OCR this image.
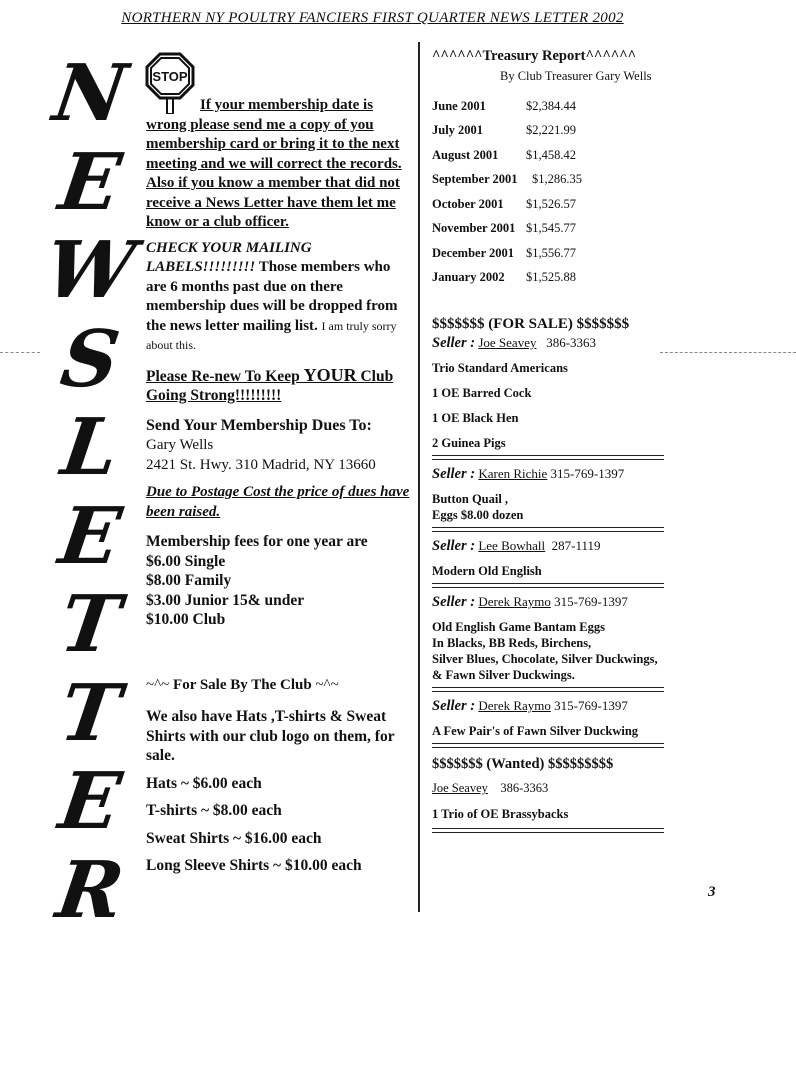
NORTHERN NY POULTRY FANCIERS FIRST QUARTER NEWS LETTER 2002
N
E
W
S
L
E
T
T
E
R
STOP

If your membership date is wrong please send me a copy of you membership card or bring it to the next meeting and we will correct the records. Also if you know a member that did not receive a News Letter have them let me know or a club officer.

CHECK YOUR MAILING LABELS!!!!!!!!! Those members who are 6 months past due on there membership dues will be dropped from the news letter mailing list. I am truly sorry about this.

Please Re-new To Keep YOUR Club Going Strong!!!!!!!!!

Send Your Membership Dues To:
Gary Wells
2421 St. Hwy. 310 Madrid, NY 13660

Due to Postage Cost the price of dues have been raised.

Membership fees for one year are
$6.00 Single
$8.00 Family
$3.00 Junior 15& under
$10.00 Club

~^~ For Sale By The Club ~^~

We also have Hats ,T-shirts & Sweat Shirts with our club logo on them, for sale.

Hats ~ $6.00 each

T-shirts ~ $8.00 each

Sweat Shirts ~ $16.00 each

Long Sleeve Shirts ~ $10.00 each

^^^^^^Treasury Report^^^^^^
By Club Treasurer Gary Wells
June 2001	$2,384.44
July 2001	$2,221.99
August 2001	$1,458.42
September 2001	$1,286.35
October 2001	$1,526.57
November 2001 $1,545.77
December 2001 $1,556.77
January 2002	$1,525.88
$$$$$$$ (FOR SALE) $$$$$$$
Seller : Joe Seavey 386-3363
Trio Standard Americans
1 OE Barred Cock
1 OE Black Hen
2 Guinea Pigs
Seller : Karen Richie 315-769-1397
Button Quail ,
Eggs $8.00 dozen
Seller : Lee Bowhall 287-1119
Modern Old English
Seller : Derek Raymo 315-769-1397
Old English Game Bantam Eggs
In Blacks, BB Reds, Birchens,
Silver Blues, Chocolate, Silver Duckwings,
& Fawn Silver Duckwings.
Seller : Derek Raymo 315-769-1397
A Few Pair's of Fawn Silver Duckwing
$$$$$$$ (Wanted) $$$$$$$$$
Joe Seavey 386-3363
1 Trio of OE Brassybacks
3
